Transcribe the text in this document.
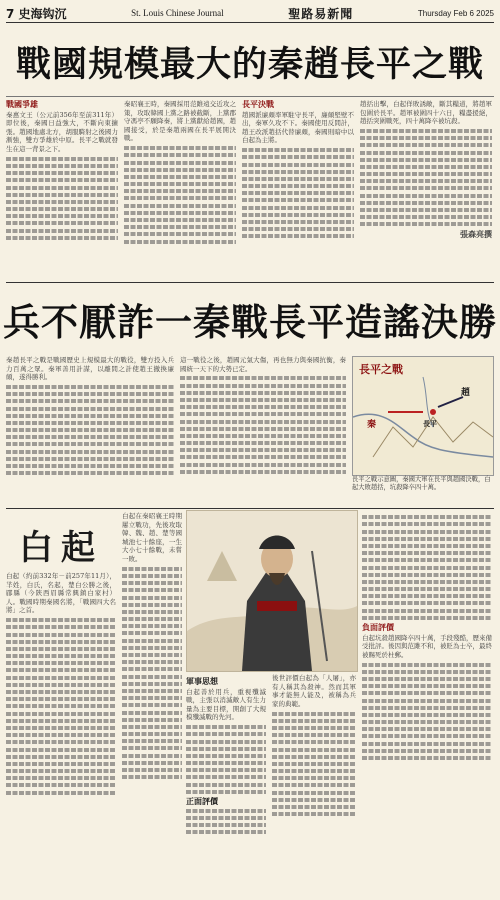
7 史海钩沉	St. Louis Chinese Journal	聖路易新聞	Thursday Feb 6 2025
戰國規模最大的秦趙長平之戰
戰國爭雄
秦惠文王（公元前356年至前311年）即位後，秦國日益強大，不斷向東擴張。趙國地處北方，胡服騎射之後國力漸強，雙方爭雄於中原。長平之戰就發生在這一背景之下。
秦昭襄王時，秦國採用范雎遠交近攻之策，攻取韓國上黨之路被截斷，上黨郡守馮亭不願降秦，將上黨獻給趙國，趙國接受，於是秦趙兩國在長平展開決戰。
長平決戰
趙國派廉頗率軍駐守長平，廉頗堅壁不出，秦軍久攻不下。秦國使用反間計，趙王改派趙括代替廉頗，秦國則暗中以白起為主將。
趙括出擊，白起佯敗誘敵，斷其糧道，將趙軍包圍於長平。趙軍被圍四十六日，糧盡援絕，趙括突圍戰死，四十萬降卒被坑殺。
張森亮撰
兵不厭詐一秦戰長平造謠決勝
秦趙長平之戰是戰國歷史上規模最大的戰役，雙方投入兵力百萬之眾。秦軍善用計謀，以離間之計使趙王撤換廉頗，遂得勝利。
這一戰役之後，趙國元氣大傷，再也無力與秦國抗衡，秦國統一天下的大勢已定。	長平之戰
秦
趙
長平
長平之戰示意圖，秦國大軍在長平與趙國決戰，白起大敗趙括，坑殺降卒四十萬。
白起
白起（約前332年－前257年11月），羋姓，白氏，名起，楚白公勝之後，郿縣（今陝西眉縣常興鎮白家村）人。戰國時期秦國名將，「戰國四大名將」之首。
白起在秦昭襄王時期屢立戰功，先後攻取韓、魏、趙、楚等國城池七十餘座，一生大小七十餘戰，未嘗一敗。
軍事思想
白起善於用兵，重視殲滅戰，主張以消滅敵人有生力量為主要目標，開創了大規模殲滅戰的先河。
正面評價
後世評價白起為「人屠」，亦有人稱其為殺神。然而其軍事才能無人能及，被稱為兵家的典範。
負面評價
白起坑殺趙國降卒四十萬，手段殘酷，歷來備受批評。後因與范雎不和，被貶為士卒，最終被賜死於杜郵。
